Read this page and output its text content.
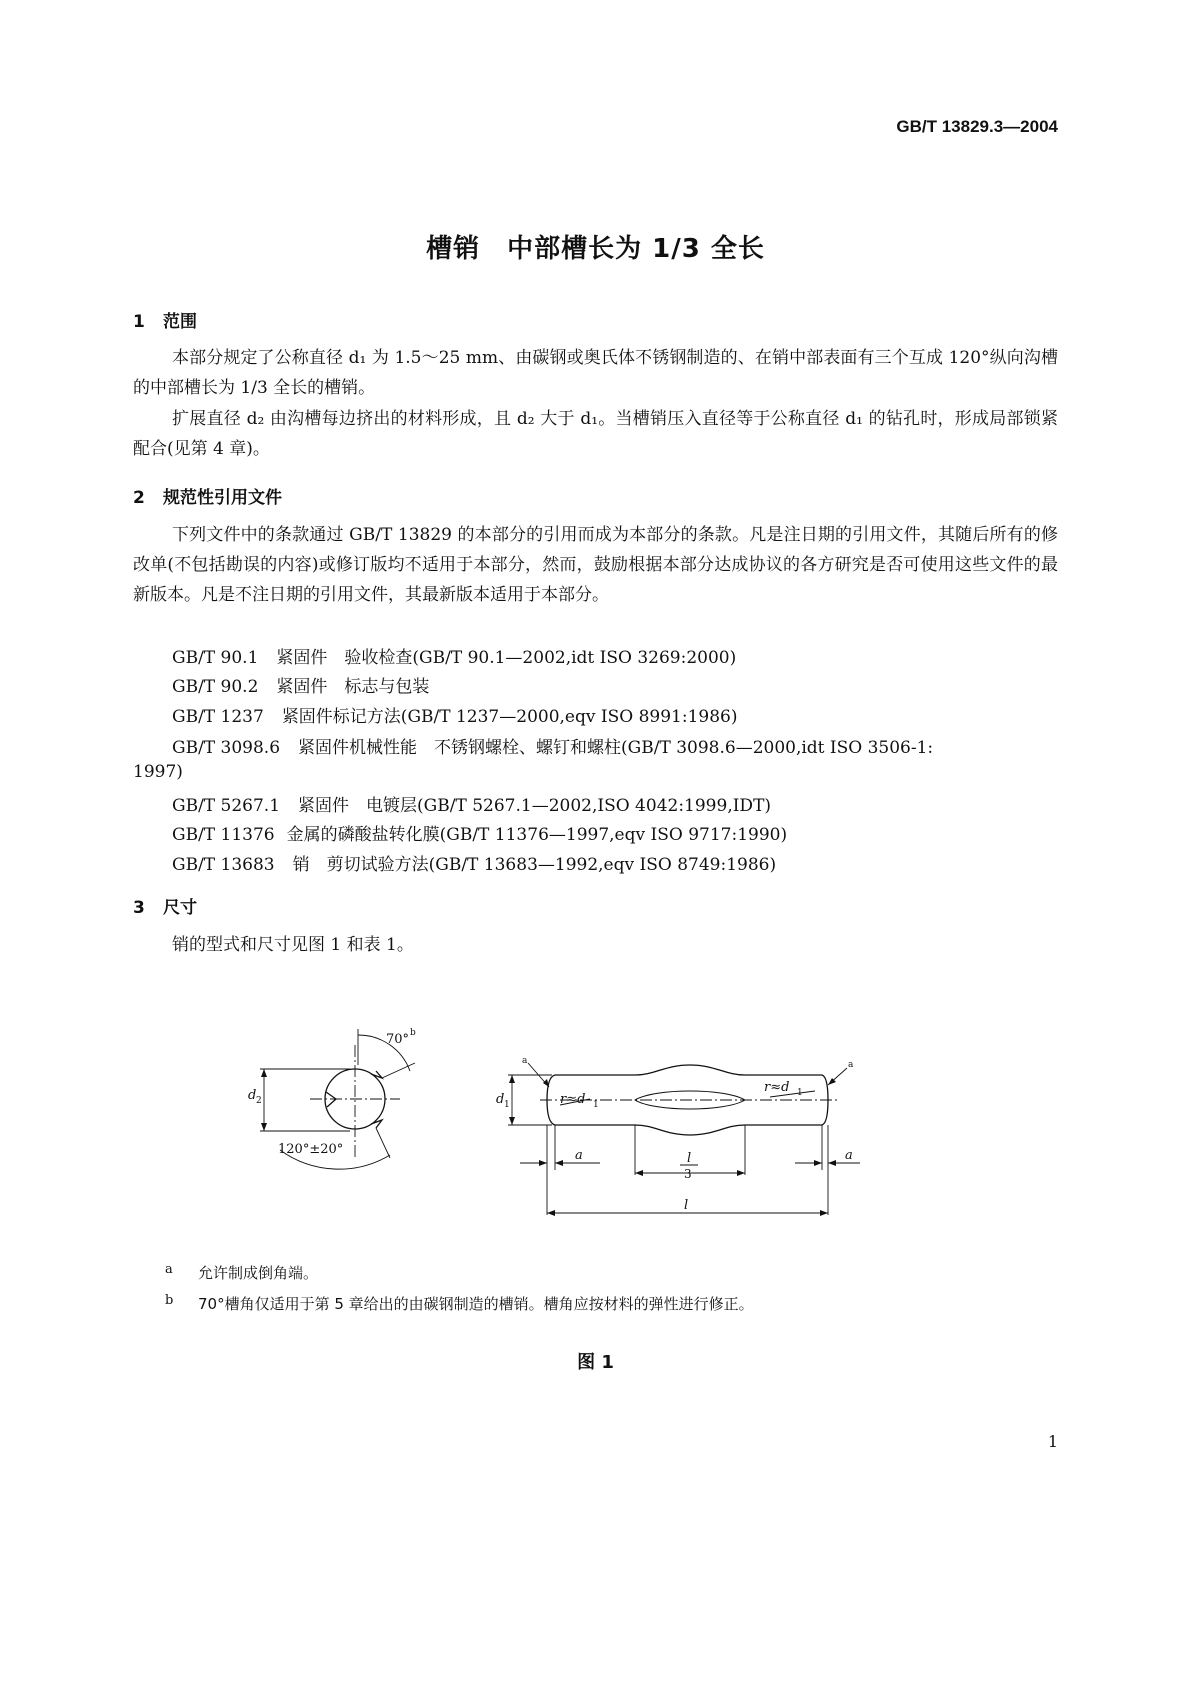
GB/T 13829.3—2004
槽销　中部槽长为 1/3 全长
1 范围
本部分规定了公称直径 d₁ 为 1.5～25 mm、由碳钢或奥氏体不锈钢制造的、在销中部表面有三个互成 120°纵向沟槽的中部槽长为 1/3 全长的槽销。
扩展直径 d₂ 由沟槽每边挤出的材料形成，且 d₂ 大于 d₁。当槽销压入直径等于公称直径 d₁ 的钻孔时，形成局部锁紧配合(见第 4 章)。
2 规范性引用文件
下列文件中的条款通过 GB/T 13829 的本部分的引用而成为本部分的条款。凡是注日期的引用文件，其随后所有的修改单(不包括勘误的内容)或修订版均不适用于本部分，然而，鼓励根据本部分达成协议的各方研究是否可使用这些文件的最新版本。凡是不注日期的引用文件，其最新版本适用于本部分。
GB/T 90.1 紧固件　验收检查(GB/T 90.1—2002,idt ISO 3269:2000)
GB/T 90.2 紧固件　标志与包装
GB/T 1237 紧固件标记方法(GB/T 1237—2000,eqv ISO 8991:1986)
GB/T 3098.6 紧固件机械性能　不锈钢螺栓、螺钉和螺柱(GB/T 3098.6—2000,idt ISO 3506-1:
1997)
GB/T 5267.1 紧固件　电镀层(GB/T 5267.1—2002,ISO 4042:1999,IDT)
GB/T 11376 金属的磷酸盐转化膜(GB/T 11376—1997,eqv ISO 9717:1990)
GB/T 13683 销　剪切试验方法(GB/T 13683—1992,eqv ISO 8749:1986)
3 尺寸
销的型式和尺寸见图 1 和表 1。
70° b
120°±20°
d 2	d 1
a	a
r≈d 1
r≈d 1
a	a
l
3
l
a 允许制成倒角端。
b 70°槽角仅适用于第 5 章给出的由碳钢制造的槽销。槽角应按材料的弹性进行修正。
图 1
1
